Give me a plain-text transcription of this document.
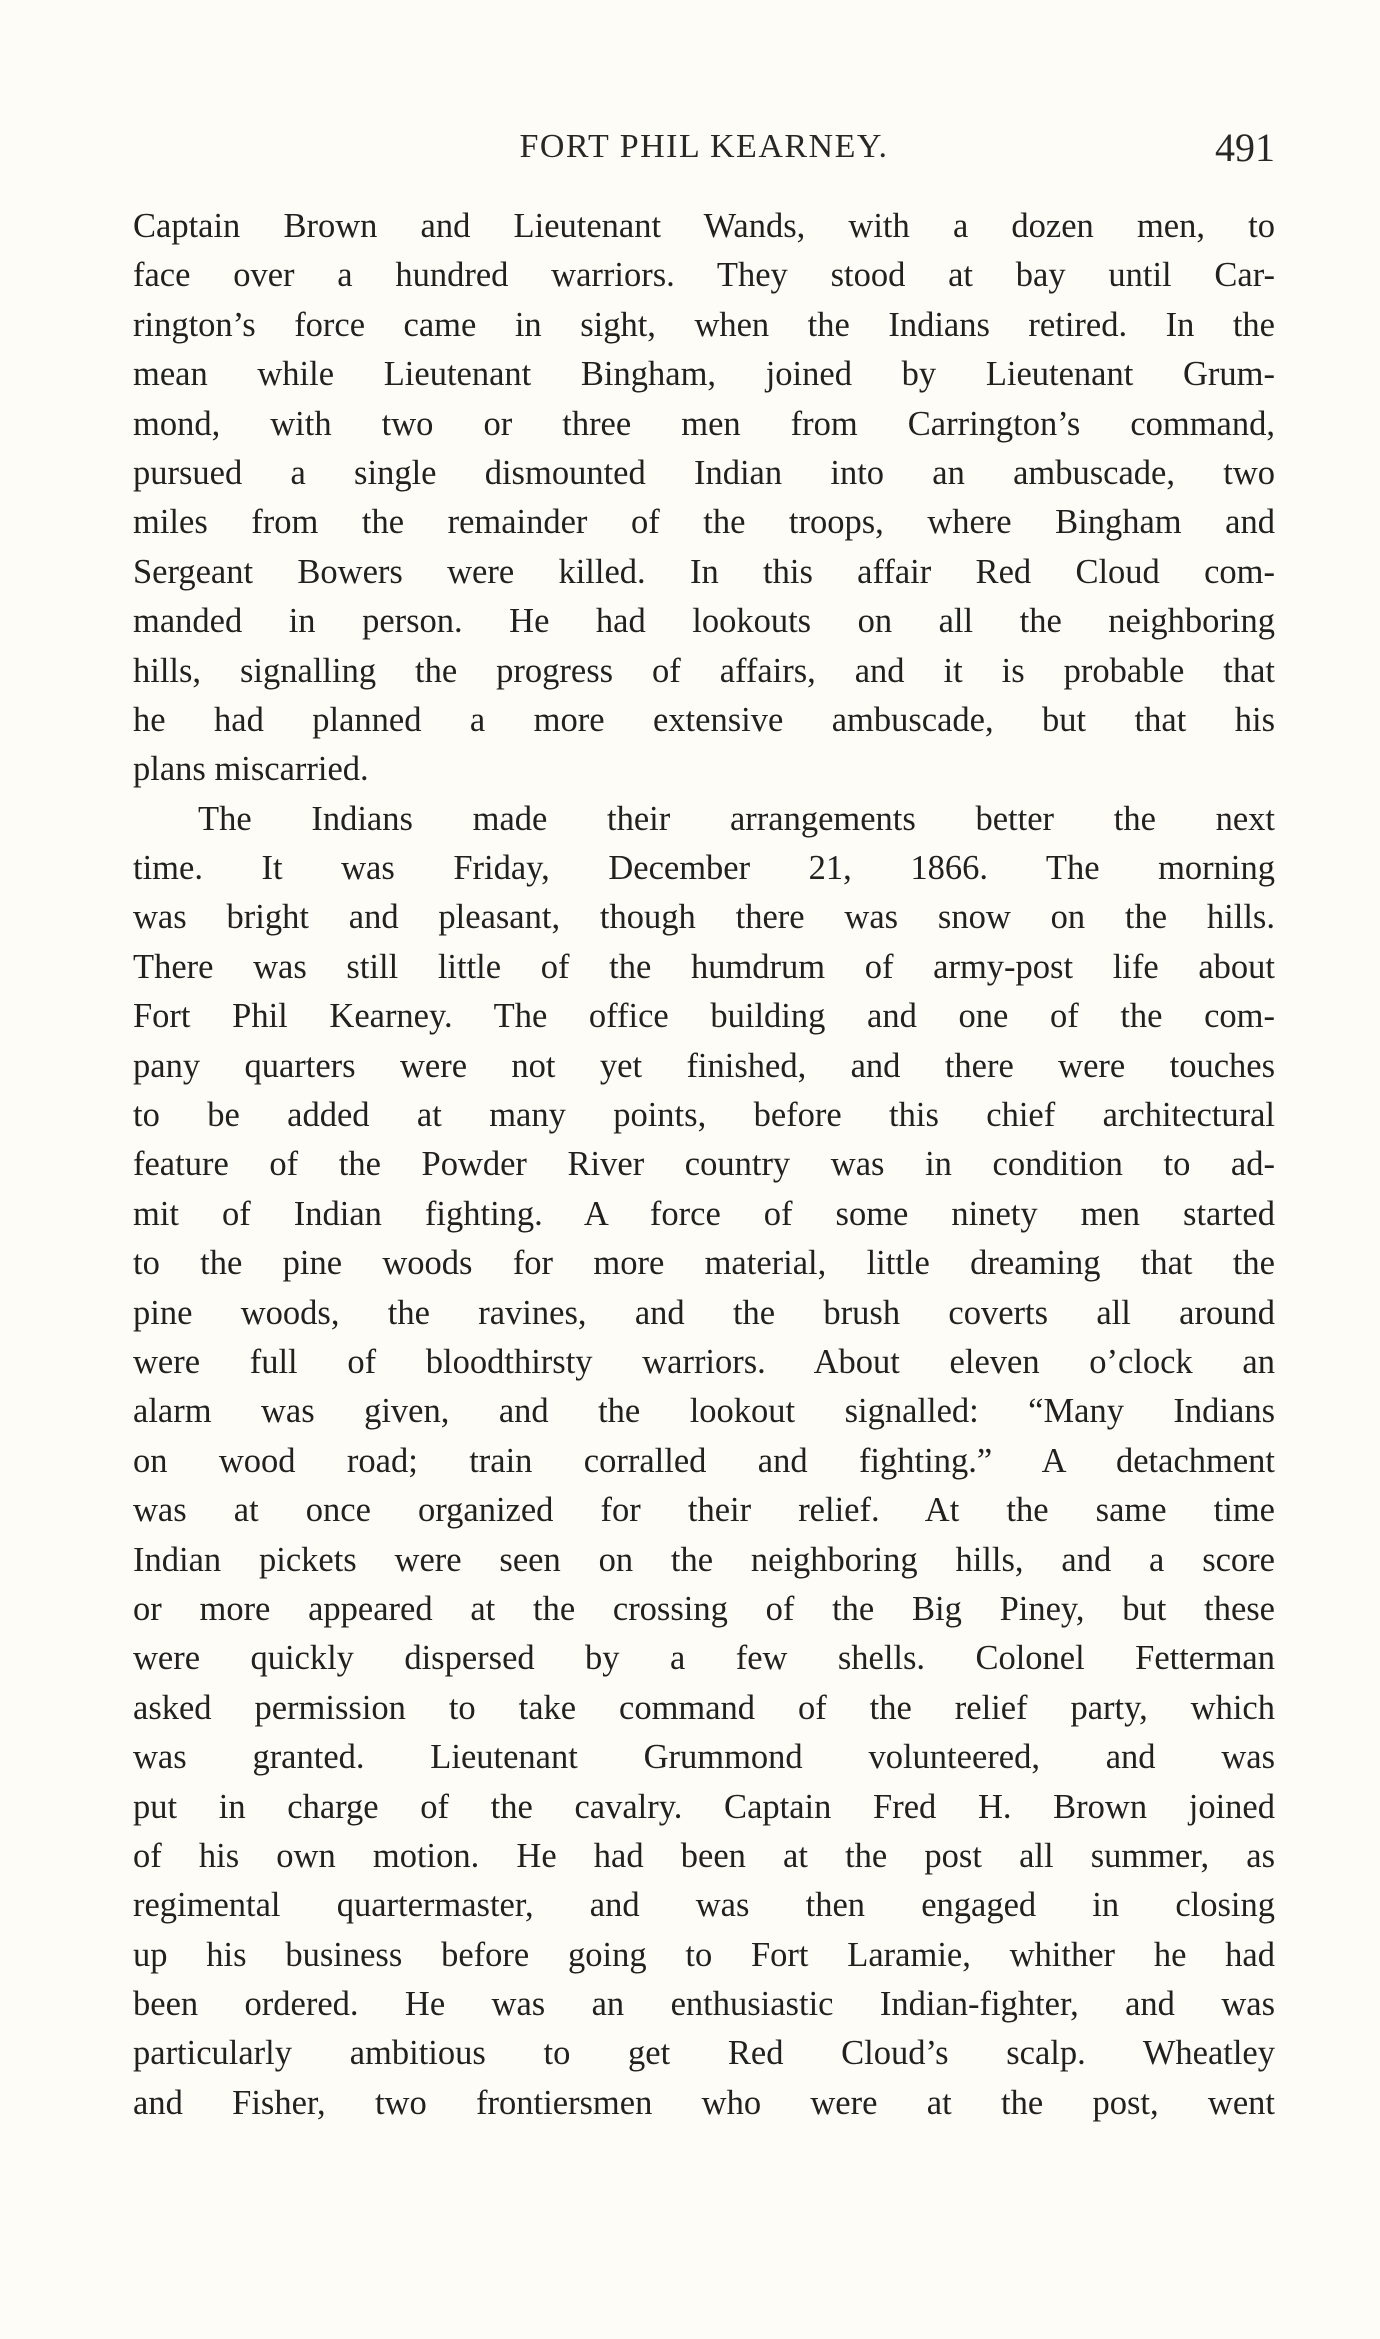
FORT PHIL KEARNEY.	491
Captain Brown and Lieutenant Wands, with a dozen men, to
face over a hundred warriors. They stood at bay until Car-
rington’s force came in sight, when the Indians retired. In the
mean while Lieutenant Bingham, joined by Lieutenant Grum-
mond, with two or three men from Carrington’s command,
pursued a single dismounted Indian into an ambuscade, two
miles from the remainder of the troops, where Bingham and
Sergeant Bowers were killed. In this affair Red Cloud com-
manded in person. He had lookouts on all the neighboring
hills, signalling the progress of affairs, and it is probable that
he had planned a more extensive ambuscade, but that his
plans miscarried.
The Indians made their arrangements better the next
time. It was Friday, December 21, 1866. The morning
was bright and pleasant, though there was snow on the hills.
There was still little of the humdrum of army-post life about
Fort Phil Kearney. The office building and one of the com-
pany quarters were not yet finished, and there were touches
to be added at many points, before this chief architectural
feature of the Powder River country was in condition to ad-
mit of Indian fighting. A force of some ninety men started
to the pine woods for more material, little dreaming that the
pine woods, the ravines, and the brush coverts all around
were full of bloodthirsty warriors. About eleven o’clock an
alarm was given, and the lookout signalled: “Many Indians
on wood road; train corralled and fighting.” A detachment
was at once organized for their relief. At the same time
Indian pickets were seen on the neighboring hills, and a score
or more appeared at the crossing of the Big Piney, but these
were quickly dispersed by a few shells. Colonel Fetterman
asked permission to take command of the relief party, which
was granted. Lieutenant Grummond volunteered, and was
put in charge of the cavalry. Captain Fred H. Brown joined
of his own motion. He had been at the post all summer, as
regimental quartermaster, and was then engaged in closing
up his business before going to Fort Laramie, whither he had
been ordered. He was an enthusiastic Indian-fighter, and was
particularly ambitious to get Red Cloud’s scalp. Wheatley
and Fisher, two frontiersmen who were at the post, went
